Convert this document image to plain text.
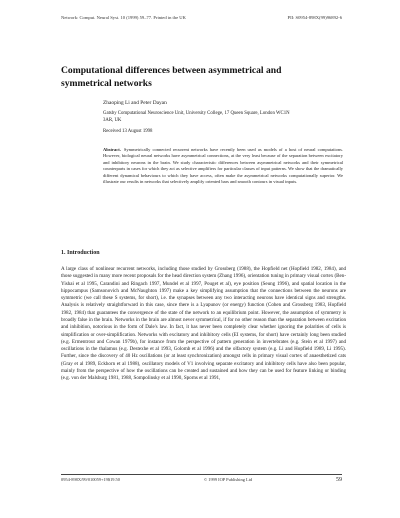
Network: Comput. Neural Syst. 10 (1999) 59–77. Printed in the UK	PII: S0954-898X(99)96892-6
Computational differences between asymmetrical and
symmetrical networks
Zhaoping Li and Peter Dayan
Gatsby Computational Neuroscience Unit, University College, 17 Queen Square, London WC1N
3AR, UK
Received 13 August 1998
Abstract. Symmetrically connected recurrent networks have recently been used as models of a host of neural computations. However, biological neural networks have asymmetrical connections, at the very least because of the separation between excitatory and inhibitory neurons in the brain. We study characteristic differences between asymmetrical networks and their symmetrical counterparts in cases for which they act as selective amplifiers for particular classes of input patterns. We show that the dramatically different dynamical behaviours to which they have access, often make the asymmetrical networks computationally superior. We illustrate our results in networks that selectively amplify oriented bars and smooth contours in visual inputs.
1. Introduction

A large class of nonlinear recurrent networks, including those studied by Grossberg (1988), the Hopfield net (Hopfield 1982, 1984), and those suggested in many more recent proposals for the head direction system (Zhang 1996), orientation tuning in primary visual cortex (Ben-Yishai et al 1995, Carandini and Ringach 1997, Mundel et al 1997, Pouget et al), eye position (Seung 1996), and spatial location in the hippocampus (Samsonovich and McNaughton 1997) make a key simplifying assumption that the connections between the neurons are symmetric (we call these S systems, for short), i.e. the synapses between any two interacting neurons have identical signs and strengths. Analysis is relatively straightforward in this case, since there is a Lyapunov (or energy) function (Cohen and Grossberg 1983, Hopfield 1982, 1984) that guarantees the convergence of the state of the network to an equilibrium point. However, the assumption of symmetry is broadly false in the brain. Networks in the brain are almost never symmetrical, if for no other reason than the separation between excitation and inhibition, notorious in the form of Dale's law. In fact, it has never been completely clear whether ignoring the polarities of cells is simplification or over-simplification. Networks with excitatory and inhibitory cells (EI systems, for short) have certainly long been studied (e.g. Ermentrout and Cowan 1979b), for instance from the perspective of pattern generation in invertebrates (e.g. Stein et al 1997) and oscillations in the thalamus (e.g. Destexhe et al 1993, Golomb et al 1996) and the olfactory system (e.g. Li and Hopfield 1989, Li 1995). Further, since the discovery of 40 Hz oscillations (or at least synchronization) amongst cells in primary visual cortex of anaesthetized cats (Gray et al 1989, Eckhorn et al 1988), oscillatory models of V1 involving separate excitatory and inhibitory cells have also been popular, mainly from the perspective of how the oscillations can be created and sustained and how they can be used for feature linking or binding (e.g. von der Malsburg 1981, 1988, Sompolinsky et al 1990, Sporns et al 1991,

0954-898X/99/010059+19$19.50	© 1999 IOP Publishing Ltd	59
